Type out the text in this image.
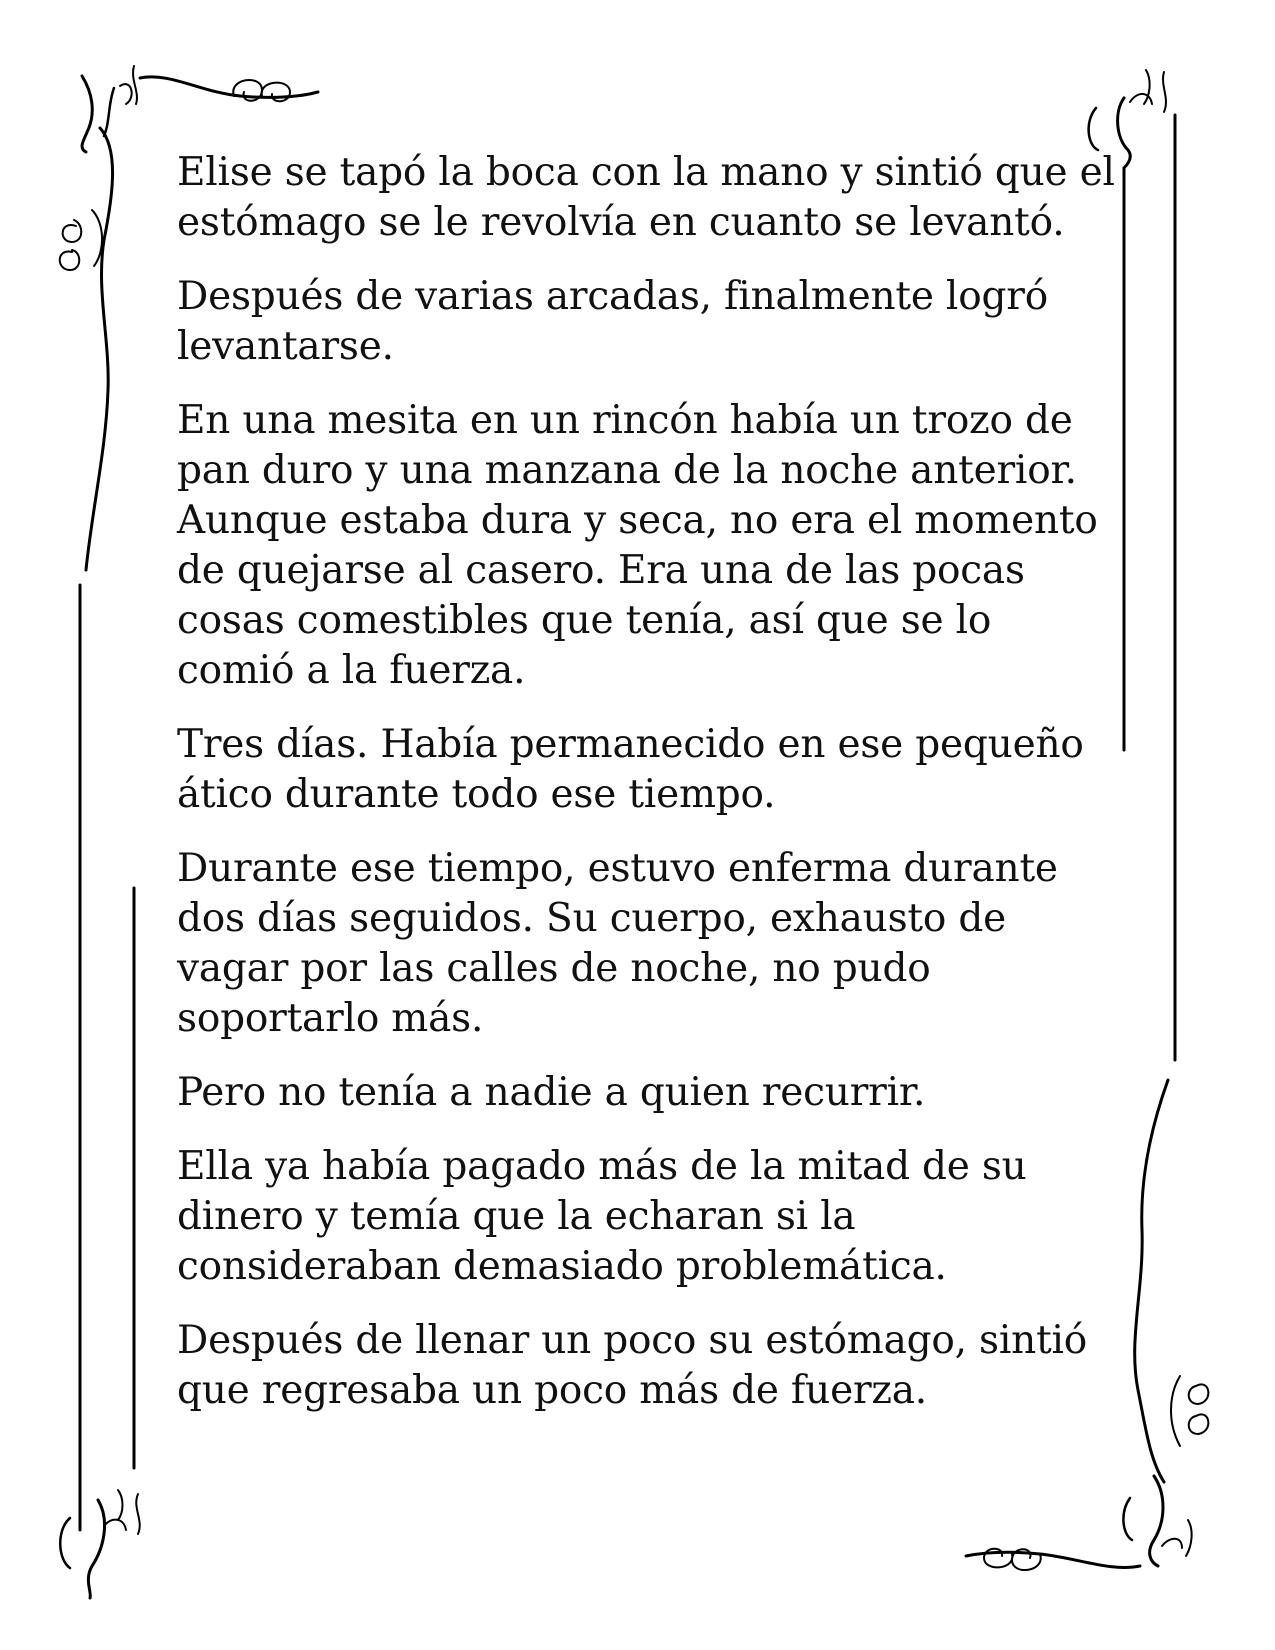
Elise se tapó la boca con la mano y sintió que el estómago se le revolvía en cuanto se levantó.

Después de varias arcadas, finalmente logró levantarse.

En una mesita en un rincón había un trozo de pan duro y una manzana de la noche anterior. Aunque estaba dura y seca, no era el momento de quejarse al casero. Era una de las pocas cosas comestibles que tenía, así que se lo comió a la fuerza.

Tres días. Había permanecido en ese pequeño ático durante todo ese tiempo.

Durante ese tiempo, estuvo enferma durante dos días seguidos. Su cuerpo, exhausto de vagar por las calles de noche, no pudo soportarlo más.

Pero no tenía a nadie a quien recurrir.

Ella ya había pagado más de la mitad de su dinero y temía que la echaran si la consideraban demasiado problemática.

Después de llenar un poco su estómago, sintió que regresaba un poco más de fuerza.
